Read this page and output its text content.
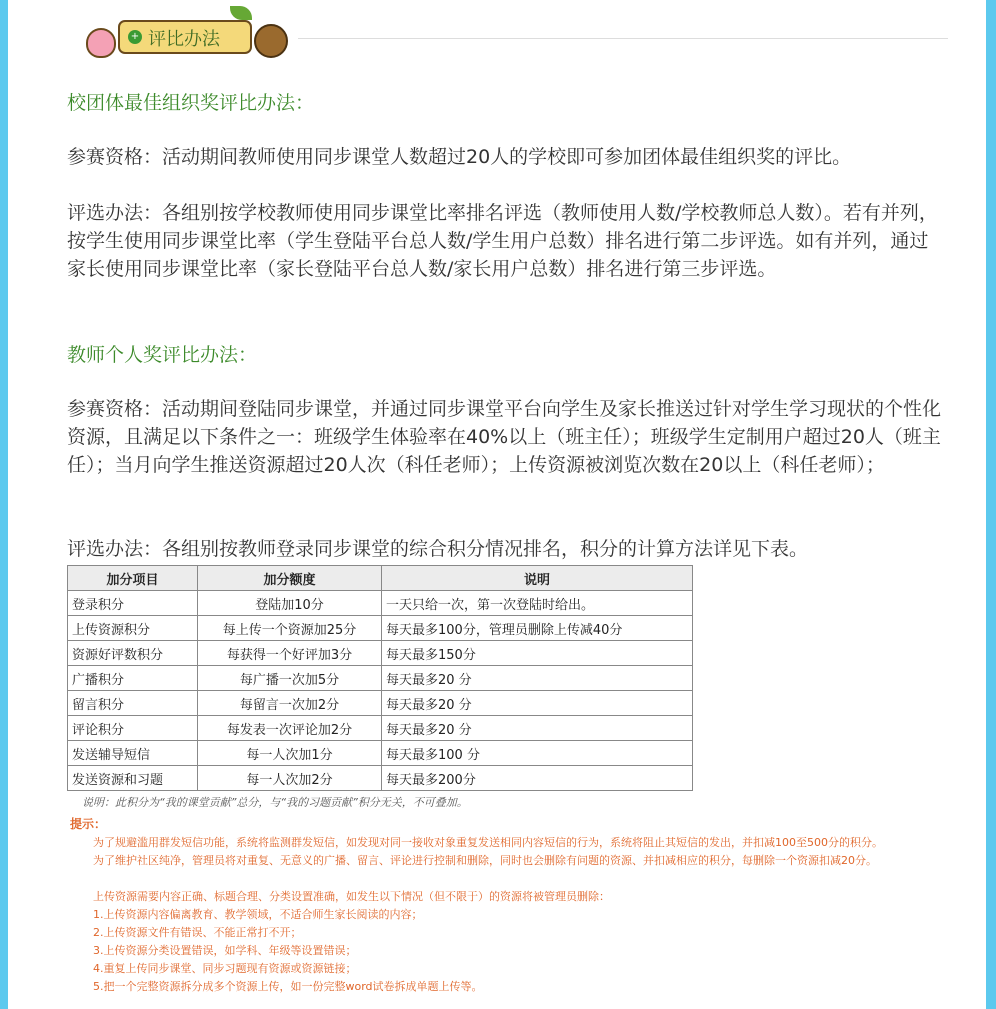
+ 评比办法
校团体最佳组织奖评比办法：
参赛资格：活动期间教师使用同步课堂人数超过20人的学校即可参加团体最佳组织奖的评比。
评选办法：各组别按学校教师使用同步课堂比率排名评选（教师使用人数/学校教师总人数）。若有并列，按学生使用同步课堂比率（学生登陆平台总人数/学生用户总数）排名进行第二步评选。如有并列，通过家长使用同步课堂比率（家长登陆平台总人数/家长用户总数）排名进行第三步评选。
教师个人奖评比办法：
参赛资格：活动期间登陆同步课堂，并通过同步课堂平台向学生及家长推送过针对学生学习现状的个性化资源，且满足以下条件之一：班级学生体验率在40%以上（班主任）；班级学生定制用户超过20人（班主任）；当月向学生推送资源超过20人次（科任老师）；上传资源被浏览次数在20以上（科任老师）；
评选办法：各组别按教师登录同步课堂的综合积分情况排名，积分的计算方法详见下表。
加分项目	加分额度	说明
登录积分	登陆加10分	一天只给一次，第一次登陆时给出。
上传资源积分	每上传一个资源加25分	每天最多100分，管理员删除上传减40分
资源好评数积分	每获得一个好评加3分	每天最多150分
广播积分	每广播一次加5分	每天最多20 分
留言积分	每留言一次加2分	每天最多20 分
评论积分	每发表一次评论加2分	每天最多20 分
发送辅导短信	每一人次加1分	每天最多100 分
发送资源和习题	每一人次加2分	每天最多200分
说明：此积分为“我的课堂贡献”总分，与“我的习题贡献”积分无关，不可叠加。
提示：
为了规避滥用群发短信功能，系统将监测群发短信，如发现对同一接收对象重复发送相同内容短信的行为，系统将阻止其短信的发出，并扣减100至500分的积分。
为了维护社区纯净，管理员将对重复、无意义的广播、留言、评论进行控制和删除，同时也会删除有问题的资源、并扣减相应的积分，每删除一个资源扣减20分。
上传资源需要内容正确、标题合理、分类设置准确，如发生以下情况（但不限于）的资源将被管理员删除：
1.上传资源内容偏离教育、教学领域，不适合师生家长阅读的内容；
2.上传资源文件有错误、不能正常打不开；
3.上传资源分类设置错误，如学科、年级等设置错误；
4.重复上传同步课堂、同步习题现有资源或资源链接；
5.把一个完整资源拆分成多个资源上传，如一份完整word试卷拆成单题上传等。
